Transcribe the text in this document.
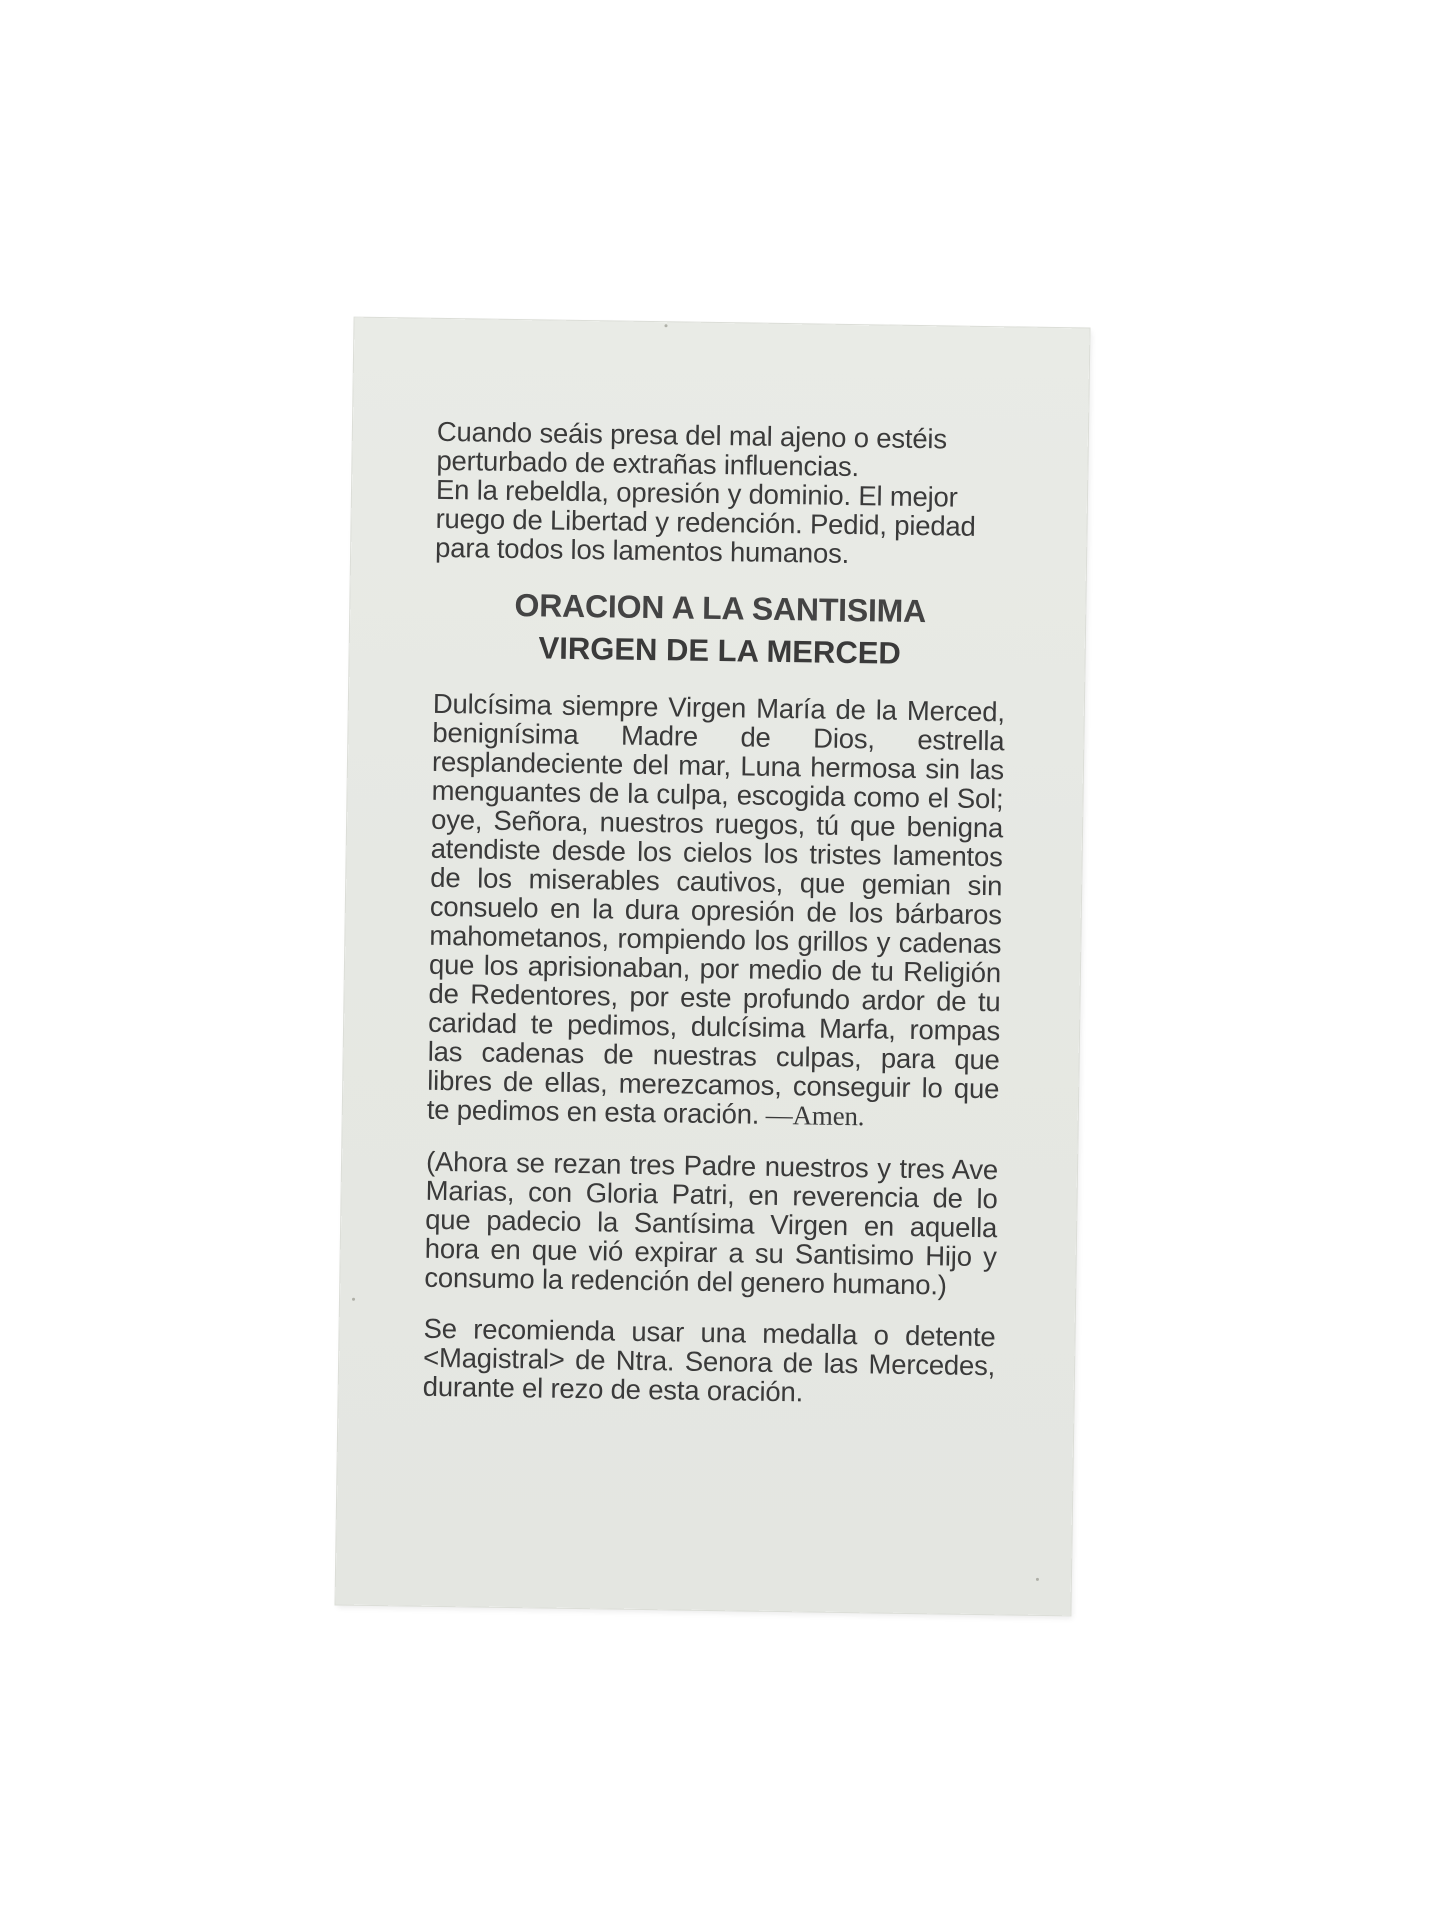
Cuando seáis presa del mal ajeno o estéis
perturbado de extrañas influencias.
En la rebeldla, opresión y dominio. El mejor
ruego de Libertad y redención. Pedid, piedad
para todos los lamentos humanos.

ORACION A LA SANTISIMA
VIRGEN DE LA MERCED

Dulcísima siempre Virgen María de la Merced, benignísima Madre de Dios, estrella resplandeciente del mar, Luna hermosa sin las menguantes de la culpa, escogida como el Sol; oye, Señora, nuestros ruegos, tú que benigna atendiste desde los cielos los tristes lamentos de los miserables cautivos, que gemian sin consuelo en la dura opresión de los bárbaros mahometanos, rompiendo los grillos y cadenas que los aprisionaban, por medio de tu Religión de Redentores, por este profundo ardor de tu caridad te pedimos, dulcísima Marfa, rompas las cadenas de nuestras culpas, para que libres de ellas, merezcamos, conseguir lo que te pedimos en esta oración. —Amen.

(Ahora se rezan tres Padre nuestros y tres Ave Marias, con Gloria Patri, en reverencia de lo que padecio la Santísima Virgen en aquella hora en que vió expirar a su Santisimo Hijo y consumo la redención del genero humano.)

Se recomienda usar una medalla o detente <Magistral> de Ntra. Senora de las Mercedes, durante el rezo de esta oración.
